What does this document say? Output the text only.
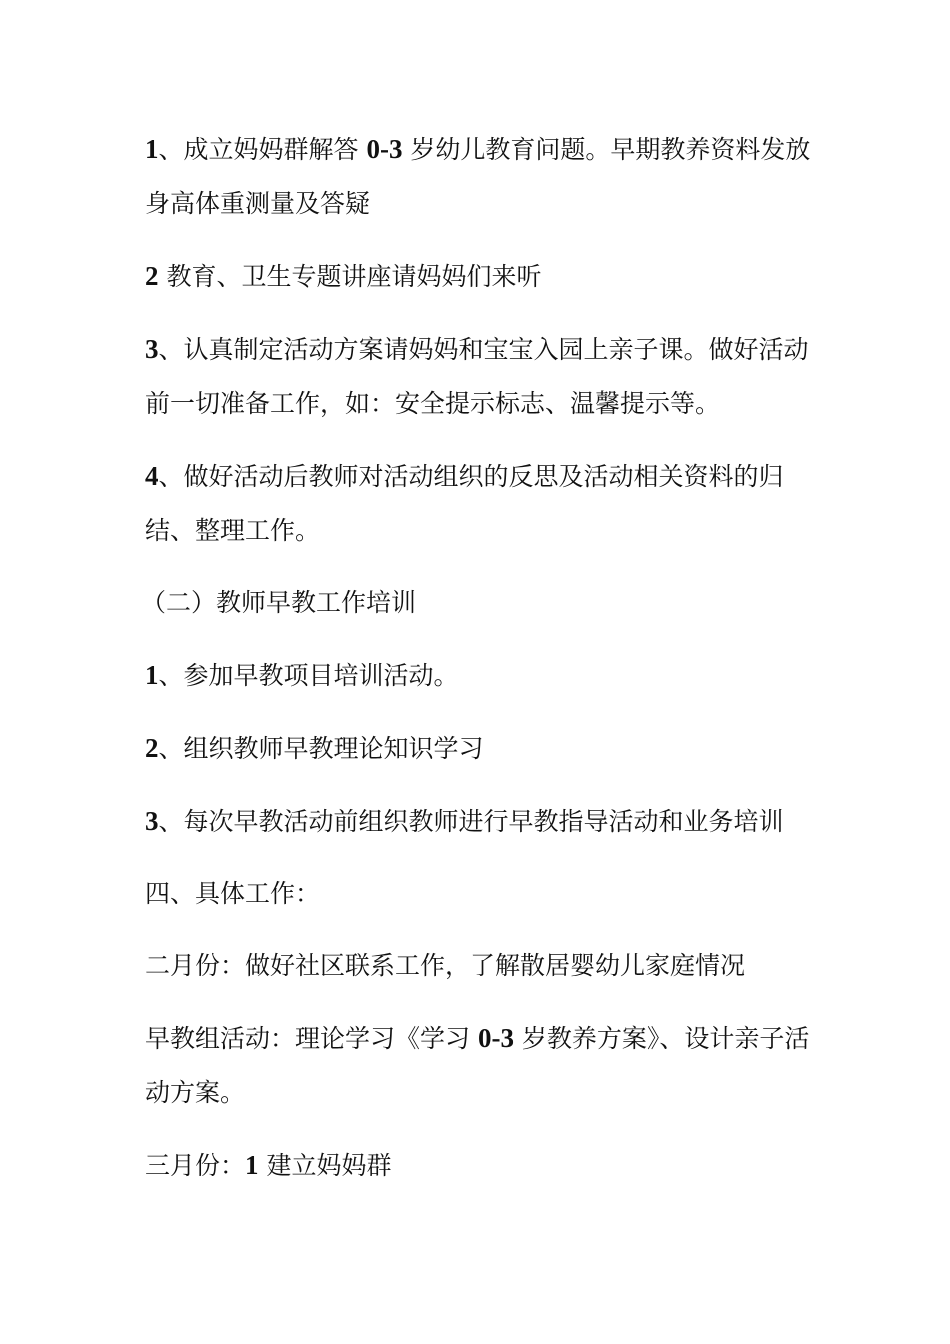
1、成立妈妈群解答 0-3 岁幼儿教育问题。早期教养资料发放　身高体重测量及答疑

2 教育、卫生专题讲座请妈妈们来听

3、认真制定活动方案请妈妈和宝宝入园上亲子课。做好活动前一切准备工作，如：安全提示标志、温馨提示等。

4、做好活动后教师对活动组织的反思及活动相关资料的归结、整理工作。

（二）教师早教工作培训

1、参加早教项目培训活动。

2、组织教师早教理论知识学习

3、每次早教活动前组织教师进行早教指导活动和业务培训

四、具体工作：

二月份：做好社区联系工作，了解散居婴幼儿家庭情况

早教组活动：理论学习《学习 0-3 岁教养方案》、设计亲子活动方案。

三月份：1 建立妈妈群
